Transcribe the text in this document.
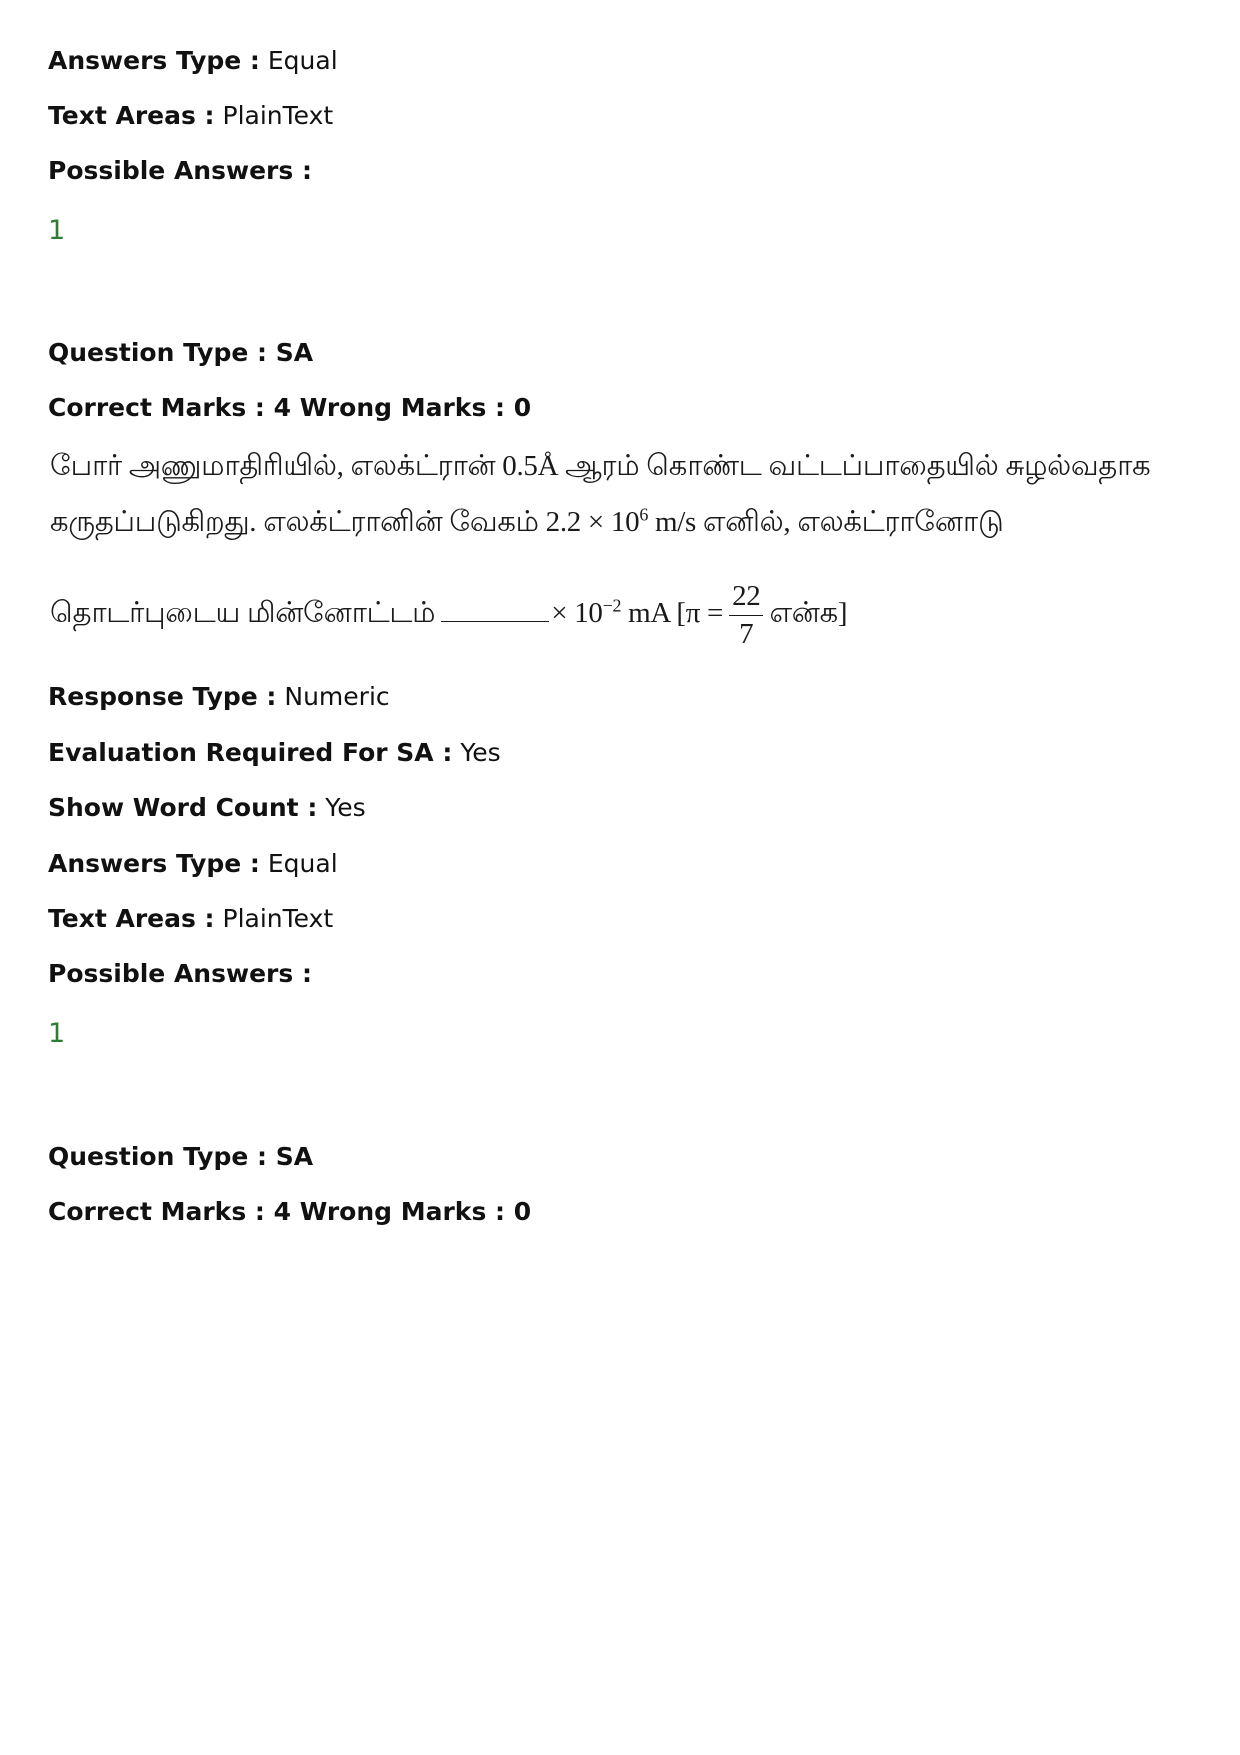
Answers Type : Equal
Text Areas : PlainText
Possible Answers :
1
Question Type : SA
Correct Marks : 4 Wrong Marks : 0
போர் அணுமாதிரியில், எலக்ட்ரான் 0.5Å ஆரம் கொண்ட வட்டப்பாதையில் சுழல்வதாக
கருதப்படுகிறது. எலக்ட்ரானின் வேகம் $2.2 \times 10^6$ m/s எனில், எலக்ட்ரானோடு
தொடர்புடைய மின்னோட்டம்	× $10^{-2}$ mA [$\pi = \frac{22}{7}$ என்க]
Response Type : Numeric
Evaluation Required For SA : Yes
Show Word Count : Yes
Answers Type : Equal
Text Areas : PlainText
Possible Answers :
1
Question Type : SA
Correct Marks : 4 Wrong Marks : 0
